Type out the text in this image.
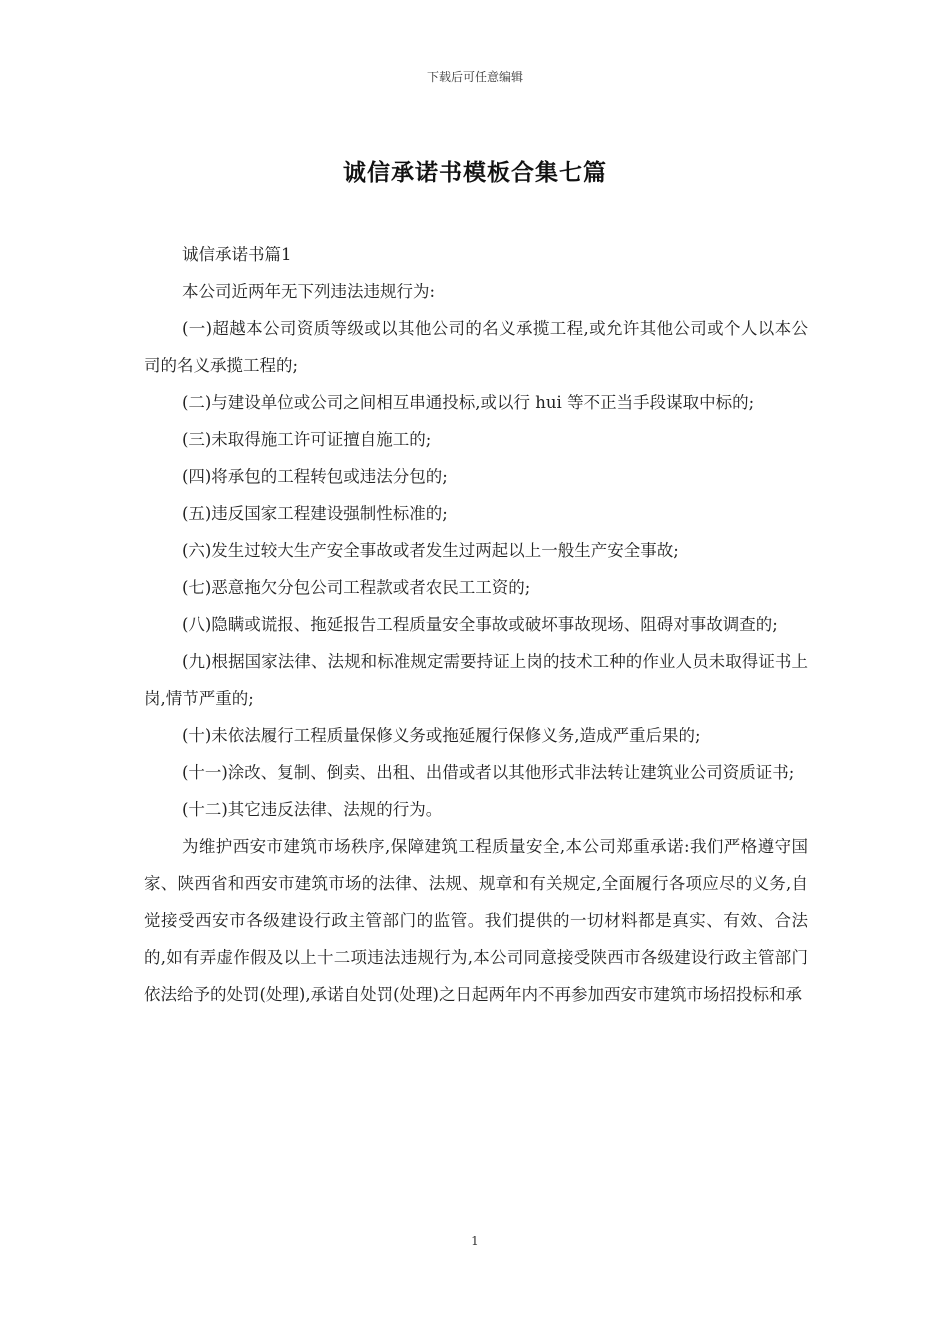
下载后可任意编辑
诚信承诺书模板合集七篇

诚信承诺书篇1

本公司近两年无下列违法违规行为:

(一)超越本公司资质等级或以其他公司的名义承揽工程,或允许其他公司或个人以本公司的名义承揽工程的;

(二)与建设单位或公司之间相互串通投标,或以行 hui 等不正当手段谋取中标的;

(三)未取得施工许可证擅自施工的;

(四)将承包的工程转包或违法分包的;

(五)违反国家工程建设强制性标准的;

(六)发生过较大生产安全事故或者发生过两起以上一般生产安全事故;

(七)恶意拖欠分包公司工程款或者农民工工资的;

(八)隐瞒或谎报、拖延报告工程质量安全事故或破坏事故现场、阻碍对事故调查的;

(九)根据国家法律、法规和标准规定需要持证上岗的技术工种的作业人员未取得证书上岗,情节严重的;

(十)未依法履行工程质量保修义务或拖延履行保修义务,造成严重后果的;

(十一)涂改、复制、倒卖、出租、出借或者以其他形式非法转让建筑业公司资质证书;

(十二)其它违反法律、法规的行为。

为维护西安市建筑市场秩序,保障建筑工程质量安全,本公司郑重承诺:我们严格遵守国家、陕西省和西安市建筑市场的法律、法规、规章和有关规定,全面履行各项应尽的义务,自觉接受西安市各级建设行政主管部门的监管。我们提供的一切材料都是真实、有效、合法的,如有弄虚作假及以上十二项违法违规行为,本公司同意接受陕西市各级建设行政主管部门依法给予的处罚(处理),承诺自处罚(处理)之日起两年内不再参加西安市建筑市场招投标和承

1
